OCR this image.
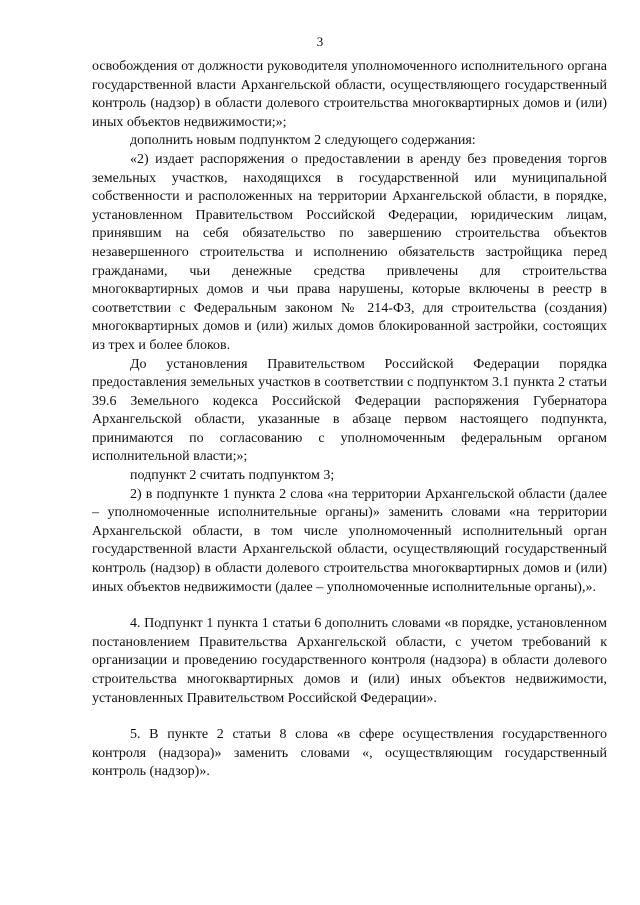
3

освобождения от должности руководителя уполномоченного исполнительного органа государственной власти Архангельской области, осуществляющего государственный контроль (надзор) в области долевого строительства многоквартирных домов и (или) иных объектов недвижимости;»;

дополнить новым подпунктом 2 следующего содержания:

«2) издает распоряжения о предоставлении в аренду без проведения торгов земельных участков, находящихся в государственной или муниципальной собственности и расположенных на территории Архангельской области, в порядке, установленном Правительством Российской Федерации, юридическим лицам, принявшим на себя обязательство по завершению строительства объектов незавершенного строительства и исполнению обязательств застройщика перед гражданами, чьи денежные средства привлечены для строительства многоквартирных домов и чьи права нарушены, которые включены в реестр в соответствии с Федеральным законом № 214-ФЗ, для строительства (создания) многоквартирных домов и (или) жилых домов блокированной застройки, состоящих из трех и более блоков.

До установления Правительством Российской Федерации порядка предоставления земельных участков в соответствии с подпунктом 3.1 пункта 2 статьи 39.6 Земельного кодекса Российской Федерации распоряжения Губернатора Архангельской области, указанные в абзаце первом настоящего подпункта, принимаются по согласованию с уполномоченным федеральным органом исполнительной власти;»;

подпункт 2 считать подпунктом 3;

2) в подпункте 1 пункта 2 слова «на территории Архангельской области (далее – уполномоченные исполнительные органы)» заменить словами «на территории Архангельской области, в том числе уполномоченный исполнительный орган государственной власти Архангельской области, осуществляющий государственный контроль (надзор) в области долевого строительства многоквартирных домов и (или) иных объектов недвижимости (далее – уполномоченные исполнительные органы),».

4. Подпункт 1 пункта 1 статьи 6 дополнить словами «в порядке, установленном постановлением Правительства Архангельской области, с учетом требований к организации и проведению государственного контроля (надзора) в области долевого строительства многоквартирных домов и (или) иных объектов недвижимости, установленных Правительством Российской Федерации».

5. В пункте 2 статьи 8 слова «в сфере осуществления государственного контроля (надзора)» заменить словами «, осуществляющим государственный контроль (надзор)».
